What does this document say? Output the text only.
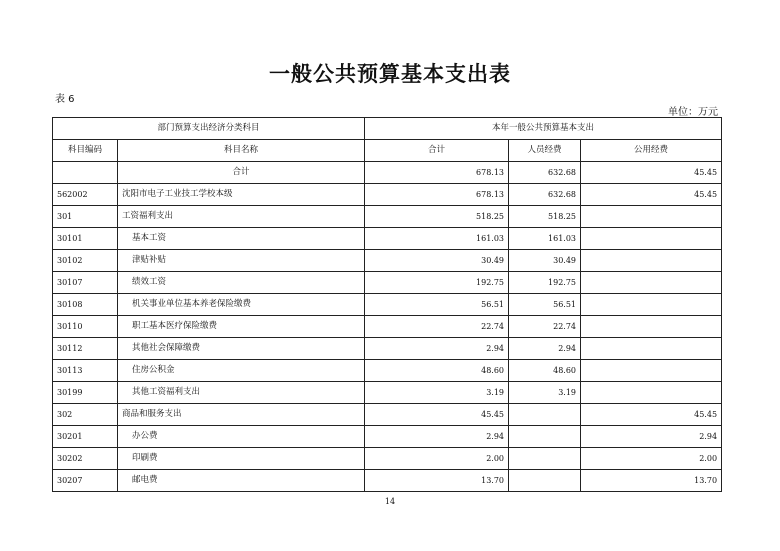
一般公共预算基本支出表
表 6
单位：万元
部门预算支出经济分类科目		本年一般公共预算基本支出		
科目编码	科目名称	合计	人员经费	公用经费
	合计	678.13	632.68	45.45
562002	沈阳市电子工业技工学校本级	678.13	632.68	45.45
301	工资福利支出	518.25	518.25	
30101	基本工资	161.03	161.03	
30102	津贴补贴	30.49	30.49	
30107	绩效工资	192.75	192.75	
30108	机关事业单位基本养老保险缴费	56.51	56.51	
30110	职工基本医疗保险缴费	22.74	22.74	
30112	其他社会保障缴费	2.94	2.94	
30113	住房公积金	48.60	48.60	
30199	其他工资福利支出	3.19	3.19	
302	商品和服务支出	45.45		45.45
30201	办公费	2.94		2.94
30202	印刷费	2.00		2.00
30207	邮电费	13.70		13.70
14
